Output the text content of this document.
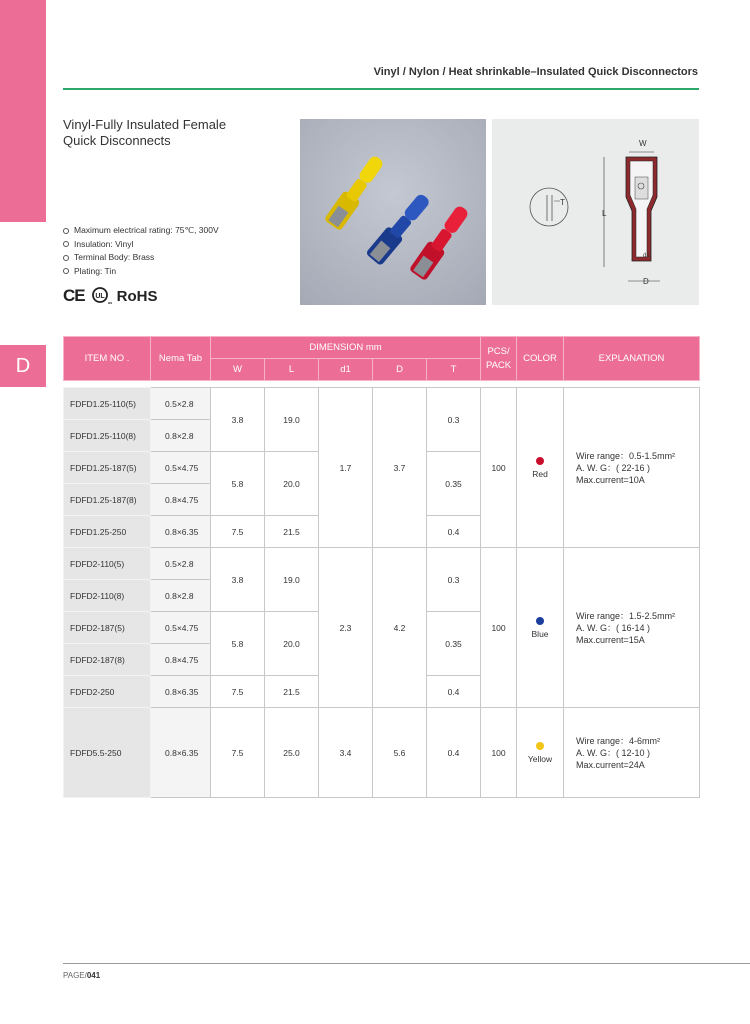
D
Vinyl / Nylon / Heat shrinkable–Insulated Quick Disconnectors
Vinyl-Fully Insulated Female
Quick Disconnects
Maximum electrical rating: 75℃, 300V
Insulation: Vinyl
Terminal Body: Brass
Plating: Tin
CE UL
us RoHS
T
W
L
d1
D
ITEM NO .	Nema Tab	DIMENSION mm					PCS/ PACK	COLOR	EXPLANATION
		W	L	d1	D	T			

FDFD1.25-110(5)	0.5×2.8	3.8	19.0	1.7	3.7	0.3	100	Red	Wire range：0.5-1.5mm²
A. W. G：( 22-16 )
Max.current=10A

FDFD1.25-110(8)	0.8×2.8								
FDFD1.25-187(5)	0.5×4.75	5.8	20.0			0.35			
FDFD1.25-187(8)	0.8×4.75								
FDFD1.25-250	0.8×6.35	7.5	21.5			0.4			
FDFD2-110(5)	0.5×2.8	3.8	19.0	2.3	4.2	0.3	100	Blue	Wire range：1.5-2.5mm²
A. W. G：( 16-14 )
Max.current=15A

FDFD2-110(8)	0.8×2.8								
FDFD2-187(5)	0.5×4.75	5.8	20.0			0.35			
FDFD2-187(8)	0.8×4.75								
FDFD2-250	0.8×6.35	7.5	21.5			0.4			
FDFD5.5-250	0.8×6.35	7.5	25.0	3.4	5.6	0.4	100	Yellow	Wire range：4-6mm²
A. W. G：( 12-10 )
Max.current=24A
PAGE/041
